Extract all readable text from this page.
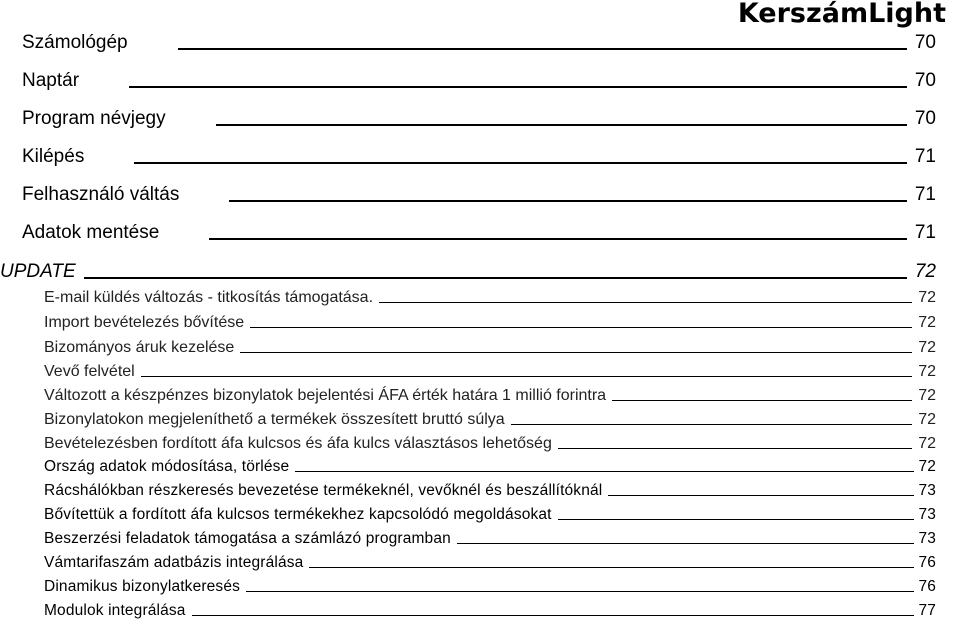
KerszámLight
Számológép	70
Naptár	70
Program névjegy	70
Kilépés	71
Felhasználó váltás	71
Adatok mentése	71
UPDATE	72
E-mail küldés változás - titkosítás támogatása.	72
Import bevételezés bővítése	72
Bizományos áruk kezelése	72
Vevő felvétel	72
Változott a készpénzes bizonylatok bejelentési ÁFA érték határa 1 millió forintra	72
Bizonylatokon megjeleníthető a termékek összesített bruttó súlya	72
Bevételezésben fordított áfa kulcsos és áfa kulcs választásos lehetőség	72
Ország adatok módosítása, törlése	72
Rácshálókban részkeresés bevezetése termékeknél, vevőknél és beszállítóknál	73
Bővítettük a fordított áfa kulcsos termékekhez kapcsolódó megoldásokat	73
Beszerzési feladatok támogatása a számlázó programban	73
Vámtarifaszám adatbázis integrálása	76
Dinamikus bizonylatkeresés	76
Modulok integrálása	77
